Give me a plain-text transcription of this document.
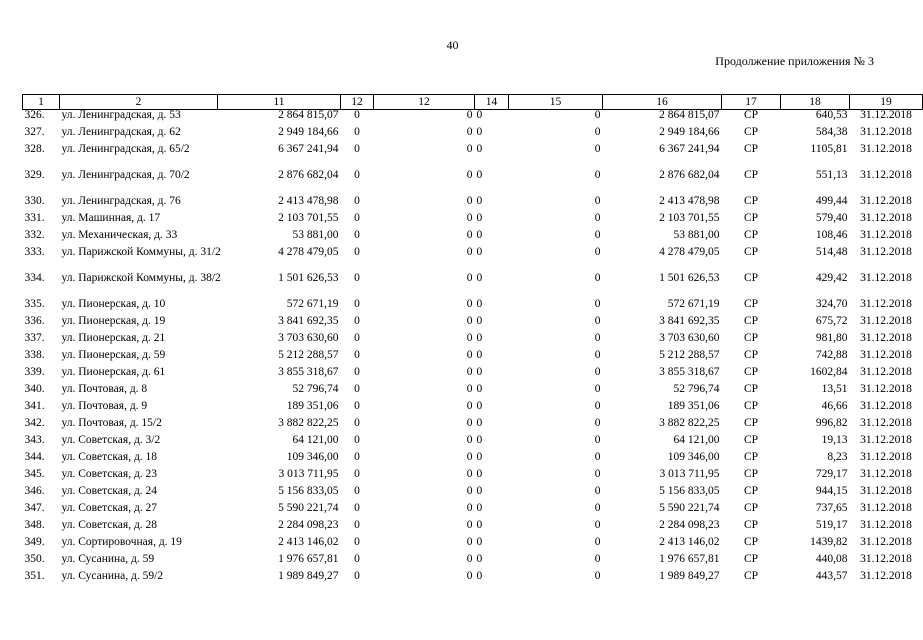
40
Продолжение приложения № 3
1	2	11	12	12	14	15	16	17	18	19
326.	ул. Ленинградская, д. 53	2 864 815,07	0	0	0	0	2 864 815,07	СР	640,53	31.12.2018
327.	ул. Ленинградская, д. 62	2 949 184,66	0	0	0	0	2 949 184,66	СР	584,38	31.12.2018
328.	ул. Ленинградская, д. 65/2	6 367 241,94	0	0	0	0	6 367 241,94	СР	1105,81	31.12.2018
329.	ул. Ленинградская, д. 70/2	2 876 682,04	0	0	0	0	2 876 682,04	СР	551,13	31.12.2018
330.	ул. Ленинградская, д. 76	2 413 478,98	0	0	0	0	2 413 478,98	СР	499,44	31.12.2018
331.	ул. Машинная, д. 17	2 103 701,55	0	0	0	0	2 103 701,55	СР	579,40	31.12.2018
332.	ул. Механическая, д. 33	53 881,00	0	0	0	0	53 881,00	СР	108,46	31.12.2018
333.	ул. Парижской Коммуны, д. 31/2	4 278 479,05	0	0	0	0	4 278 479,05	СР	514,48	31.12.2018
334.	ул. Парижской Коммуны, д. 38/2	1 501 626,53	0	0	0	0	1 501 626,53	СР	429,42	31.12.2018
335.	ул. Пионерская, д. 10	572 671,19	0	0	0	0	572 671,19	СР	324,70	31.12.2018
336.	ул. Пионерская, д. 19	3 841 692,35	0	0	0	0	3 841 692,35	СР	675,72	31.12.2018
337.	ул. Пионерская, д. 21	3 703 630,60	0	0	0	0	3 703 630,60	СР	981,80	31.12.2018
338.	ул. Пионерская, д. 59	5 212 288,57	0	0	0	0	5 212 288,57	СР	742,88	31.12.2018
339.	ул. Пионерская, д. 61	3 855 318,67	0	0	0	0	3 855 318,67	СР	1602,84	31.12.2018
340.	ул. Почтовая, д. 8	52 796,74	0	0	0	0	52 796,74	СР	13,51	31.12.2018
341.	ул. Почтовая, д. 9	189 351,06	0	0	0	0	189 351,06	СР	46,66	31.12.2018
342.	ул. Почтовая, д. 15/2	3 882 822,25	0	0	0	0	3 882 822,25	СР	996,82	31.12.2018
343.	ул. Советская, д. 3/2	64 121,00	0	0	0	0	64 121,00	СР	19,13	31.12.2018
344.	ул. Советская, д. 18	109 346,00	0	0	0	0	109 346,00	СР	8,23	31.12.2018
345.	ул. Советская, д. 23	3 013 711,95	0	0	0	0	3 013 711,95	СР	729,17	31.12.2018
346.	ул. Советская, д. 24	5 156 833,05	0	0	0	0	5 156 833,05	СР	944,15	31.12.2018
347.	ул. Советская, д. 27	5 590 221,74	0	0	0	0	5 590 221,74	СР	737,65	31.12.2018
348.	ул. Советская, д. 28	2 284 098,23	0	0	0	0	2 284 098,23	СР	519,17	31.12.2018
349.	ул. Сортировочная, д. 19	2 413 146,02	0	0	0	0	2 413 146,02	СР	1439,82	31.12.2018
350.	ул. Сусанина, д. 59	1 976 657,81	0	0	0	0	1 976 657,81	СР	440,08	31.12.2018
351.	ул. Сусанина, д. 59/2	1 989 849,27	0	0	0	0	1 989 849,27	СР	443,57	31.12.2018
